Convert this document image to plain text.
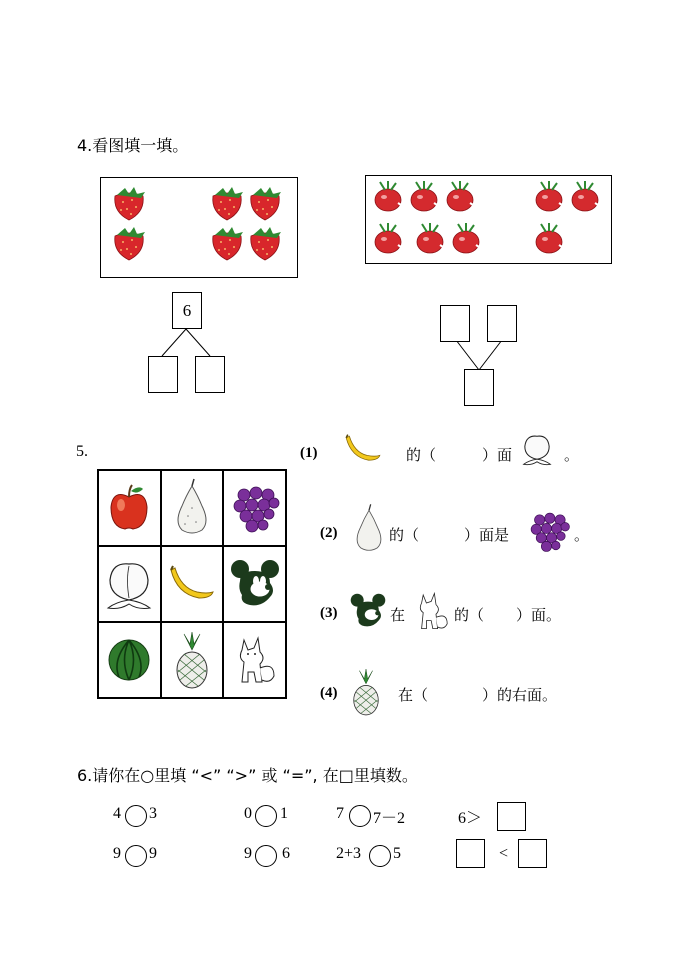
4.看图填一填。
6
5.	(1)	的（	）面	。
(2)	的（	）面是	。
(3)	在	的（ ）面。
(4)	在（	）的右面。
6.请你在○里填 “<” “>” 或 “=”, 在□里填数。
4 3	0 1	7 7－2	6＞
9 9	9 6	2+3 5	<
